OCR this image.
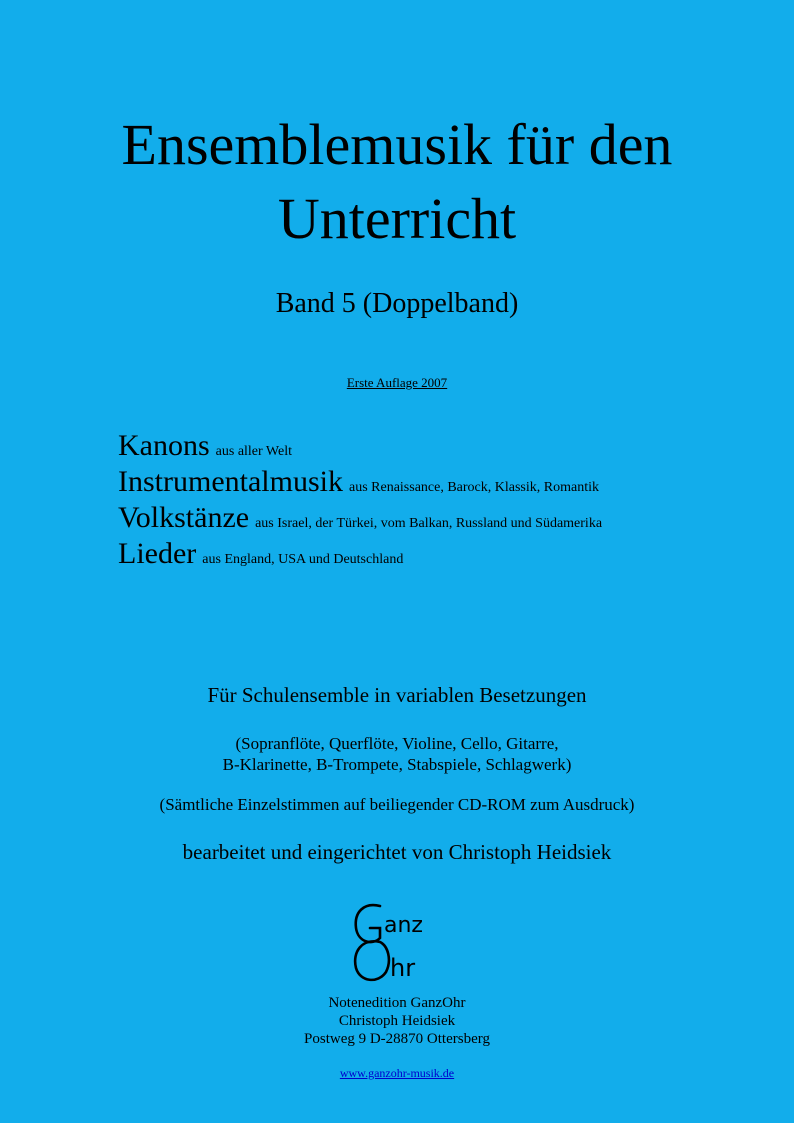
Ensemblemusik für den
Unterricht
Band 5 (Doppelband)
Erste Auflage 2007
Kanons aus aller Welt
Instrumentalmusik aus Renaissance, Barock, Klassik, Romantik
Volkstänze aus Israel, der Türkei, vom Balkan, Russland und Südamerika
Lieder aus England, USA und Deutschland
Für Schulensemble in variablen Besetzungen
(Sopranflöte, Querflöte, Violine, Cello, Gitarre,
B-Klarinette, B-Trompete, Stabspiele, Schlagwerk)
(Sämtliche Einzelstimmen auf beiliegender CD-ROM zum Ausdruck)
bearbeitet und eingerichtet von Christoph Heidsiek
anz
hr
Notenedition GanzOhr
Christoph Heidsiek
Postweg 9 D-28870 Ottersberg
www.ganzohr-musik.de
